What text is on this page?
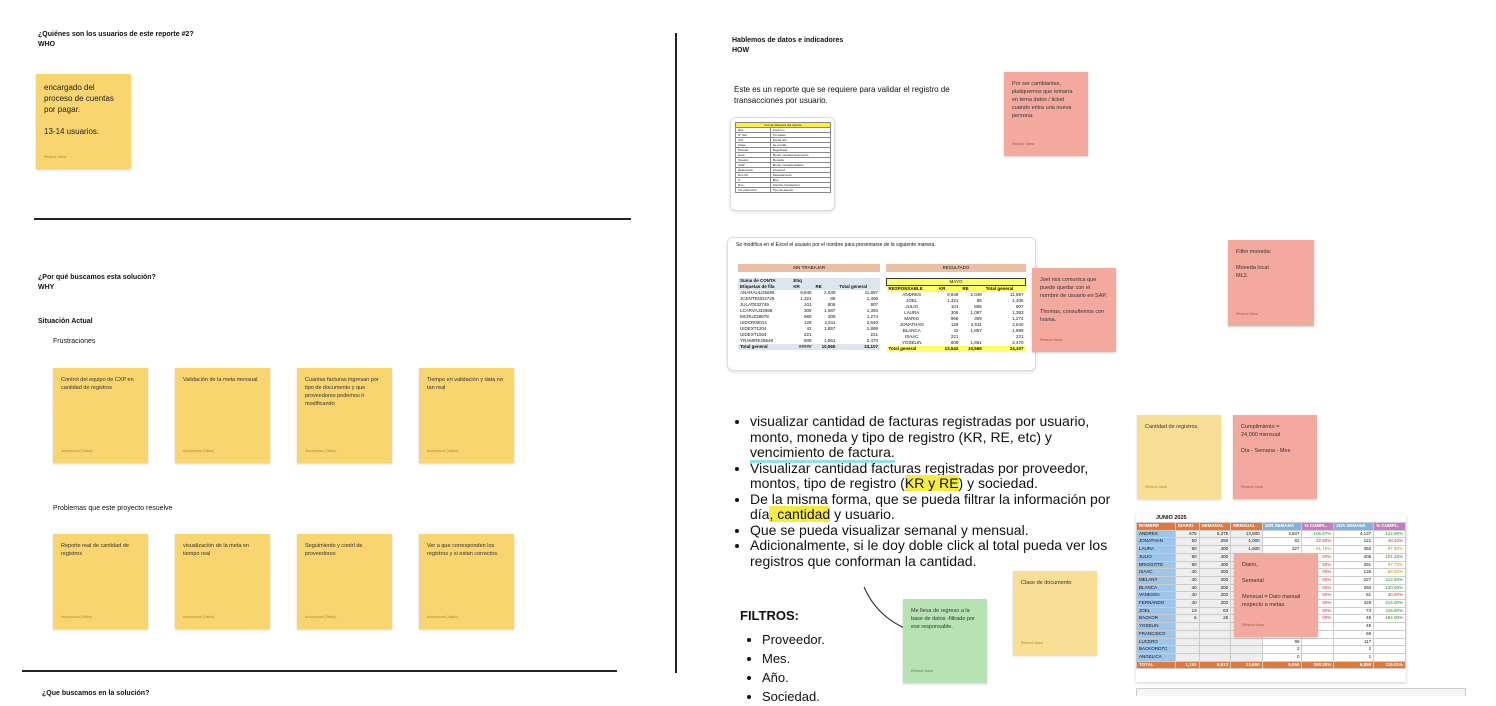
¿Quiénes son los usuarios de este reporte #2?
WHO
encargado del
proceso de cuentas
por pagar.
13-14 usuarios.
Rebeca Viana
¿Por qué buscamos esta solución?
WHY
Situación Actual
Frustraciones
Control del equipo de CXP en cantidad de registros
Anonymous (Visitor)
Validación de la meta mensual
Anonymous (Visitor)
Cuantas facturas ingresan por tipo de documento y que proveedores podemos ir modificando
Anonymous (Visitor)
Tiempo en validación y data no tan real
Anonymous (Visitor)
Problemas que este proyecto resuelve
Reporte real de cantidad de registros
Anonymous (Visitor)
visualización de la meta en tiempo real
Anonymous (Visitor)
Seguimiento y contrl de proveedores
Anonymous (Visitor)
Ver a que corresponden los registros y si estan correctos.
Anonymous (Visitor)
¿Que buscamos en la solución?
Hablemos de datos e indicadores
HOW
Este es un reporte que se requiere para validar el registro de transacciones por usuario.
Forma cabecera del reporte	
Doc.	Anul.con
N° doc.	Txt.cabec.
Año	Fecha doc.
Clase	Fe.contab.
Periodo	Registrado
Hora	Monto moneda documento
Usuario	Moneda
CtaP	Monto moneda dólares
Referencia	Vousocul
Doc.CP	Departamento
S	Mes
Doc.	Nombre transacción
Cls.referencia	Tipo de asiento
Por ser cambiantes, platiquemos que tomaría en tema datos / ticket cuando entra una nueva persona.
Rebeca Viana
Se modifica en el Excel el usuario por el nombre para presentarse de la siguiente manera.
SIN TRABAJAR
Suma de CONTA	Etiq		
Etiquetas de fila	KR	RE	Total general
ANARAULD5695	9,848	2,049	11,897
JCENTENO2725	1,321	85	1,406
JULATE32749	101	806	907
LCARVAJ32568	306	1,087	1,393
MCRUZ28678	965	309	1,274
UIDCR00014	129	2,511	2,640
UIDEXT1204	42	1,857	1,899
UIDEXT1504	221		221
YRAMIRE29648	609	1,861	2,470
Total general	#####	10,565	24,107
RESULTADO
MAYO			
RESPONSABLE	KR	RE	Total general
ANDRES	9,848	2,049	11,897
JOEL	1,321	85	1,406
JULIO	101	806	907
LAURA	306	1,087	1,393
MARIO	965	309	1,274
JONATHAN	129	2,511	2,640
BLANCA	42	1,857	1,899
ISAAC	221		221
YOSELIN	609	1,861	2,470
Total general	13,542	10,565	24,107
Joel nos comunica que puede quedar con el nombre de usuario en SAP.
Thomas, consultemos con Ivania.
Rebeca Viana
Filtro moneda:
Moneda local
ML2.
Rebeca Viana
• visualizar cantidad de facturas registradas por usuario, monto, moneda y tipo de registro (KR, RE, etc) y vencimiento de factura.
• Visualizar cantidad facturas registradas por proveedor, montos, tipo de registro (KR y RE) y sociedad.
• De la misma forma, que se pueda filtrar la información por día, cantidad y usuario.
• Que se pueda visualizar semanal y mensual.
• Adicionalmente, si le doy doble click al total pueda ver los registros que conforman la cantidad.
FILTROS:
• Proveedor.
• Mes.
• Año.
• Sociedad.
Me lleva de regreso a la base de datos -filtrado por ese responsable.
Rebeca Viana
Clase de documento
Rebeca Viana
Cantidad de registros.
Rebeca Viana
Cumplimiento =
24,000 mensual
Día - Semana - Mes
Rebeca Viana
JUNIO 2025
NOMBRE	DIARIO	SEMANAL	MENSUAL	1ER SEMANA	% CUMPL.	2DA SEMANA	% CUMPL.
ANDRES	675	5,375	13,500	3,607	106.87%	4,137	122.58%
JONATHAN	50	250	1,000	62	32.80%	121	48.40%
LAURA	80	400	1,600	327	81.75%	350	87.50%
JULIO	80	400			00%	405	101.25%
BRIGGITTE	80	400			50%	391	97.75%
ISAAC	40	200			00%	136	68.00%
MELANY	40	200			00%	227	113.50%
BLANCA	40	200			00%	260	130.00%
VANESSA	40	200			50%	61	30.50%
FERNANDO	40	200			00%	428	214.00%
JOEL	13	63			00%	73	116.80%
BACKOR	5	25			00%	46	184.00%
YOSELIN						45	
FRANCISCO						59	
LUCERO				99		117	
BACKOROTC				2		2	
ANGELICA				0		1	
TOTAL	1,183	5,913	23,650	5,950	100.30%	6,859	116.01%
Diario,
Semanal
Mensual = Dato manual respecto a metas.
Rebeca Viana
